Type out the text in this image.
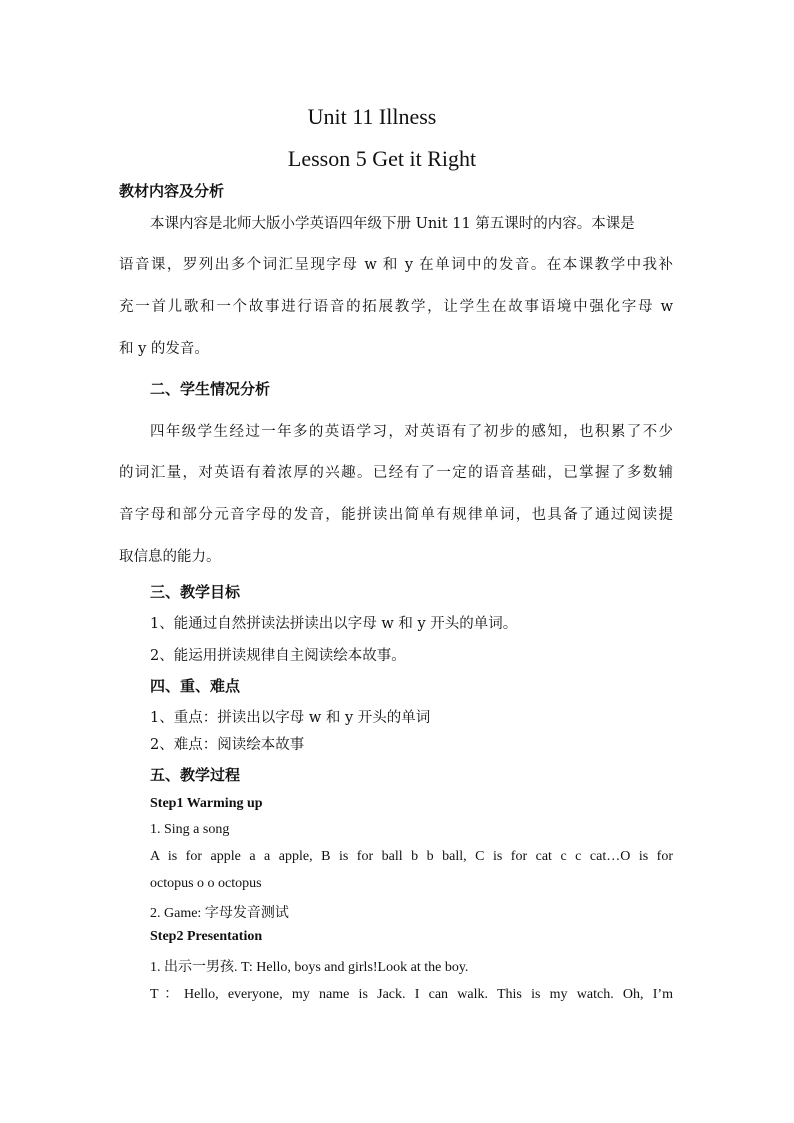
Unit 11 Illness
Lesson 5 Get it Right
教材内容及分析
本课内容是北师大版小学英语四年级下册 Unit 11 第五课时的内容。本课是
语音课，罗列出多个词汇呈现字母 w 和 y 在单词中的发音。在本课教学中我补
充一首儿歌和一个故事进行语音的拓展教学，让学生在故事语境中强化字母 w
和 y 的发音。
二、学生情况分析
四年级学生经过一年多的英语学习，对英语有了初步的感知，也积累了不少
的词汇量，对英语有着浓厚的兴趣。已经有了一定的语音基础，已掌握了多数辅
音字母和部分元音字母的发音，能拼读出简单有规律单词，也具备了通过阅读提
取信息的能力。
三、教学目标
1、能通过自然拼读法拼读出以字母 w 和 y 开头的单词。
2、能运用拼读规律自主阅读绘本故事。
四、重、难点
1、重点：拼读出以字母 w 和 y 开头的单词
2、难点：阅读绘本故事
五、教学过程
Step1 Warming up
1. Sing a song
A is for apple a a apple, B is for ball b b ball, C is for cat c c cat…O is for
octopus o o octopus
2. Game: 字母发音测试
Step2 Presentation
1. 出示一男孩. T: Hello, boys and girls!Look at the boy.
T：Hello, everyone, my name is Jack. I can walk. This is my watch. Oh, I’m
